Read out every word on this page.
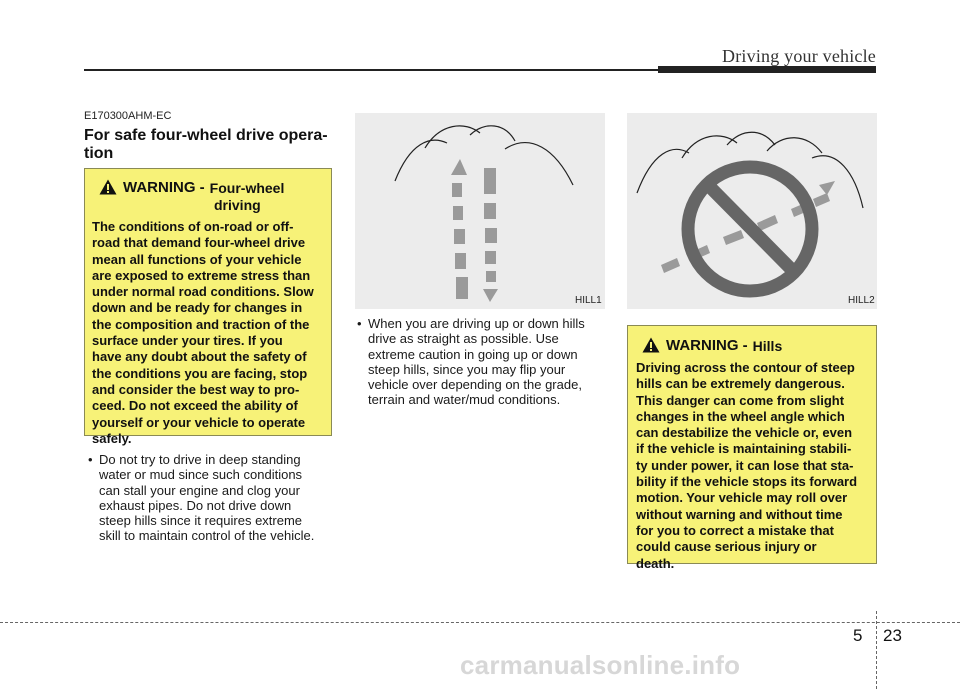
Driving your vehicle
E170300AHM-EC
For safe four-wheel drive opera-
tion
WARNING - Four-wheel
driving
The conditions of on-road or off-
road that demand four-wheel drive
mean all functions of your vehicle
are exposed to extreme stress than
under normal road conditions. Slow
down and be ready for changes in
the composition and traction of the
surface under your tires. If you
have any doubt about the safety of
the conditions you are facing, stop
and consider the best way to pro-
ceed. Do not exceed the ability of
yourself or your vehicle to operate
safely.
• Do not try to drive in deep standing
water or mud since such conditions
can stall your engine and clog your
exhaust pipes. Do not drive down
steep hills since it requires extreme
skill to maintain control of the vehicle.
HILL1
• When you are driving up or down hills
drive as straight as possible. Use
extreme caution in going up or down
steep hills, since you may flip your
vehicle over depending on the grade,
terrain and water/mud conditions.
HILL2
WARNING - Hills
Driving across the contour of steep
hills can be extremely dangerous.
This danger can come from slight
changes in the wheel angle which
can destabilize the vehicle or, even
if the vehicle is maintaining stabili-
ty under power, it can lose that sta-
bility if the vehicle stops its forward
motion. Your vehicle may roll over
without warning and without time
for you to correct a mistake that
could cause serious injury or
death.
5 23
carmanualsonline.info
